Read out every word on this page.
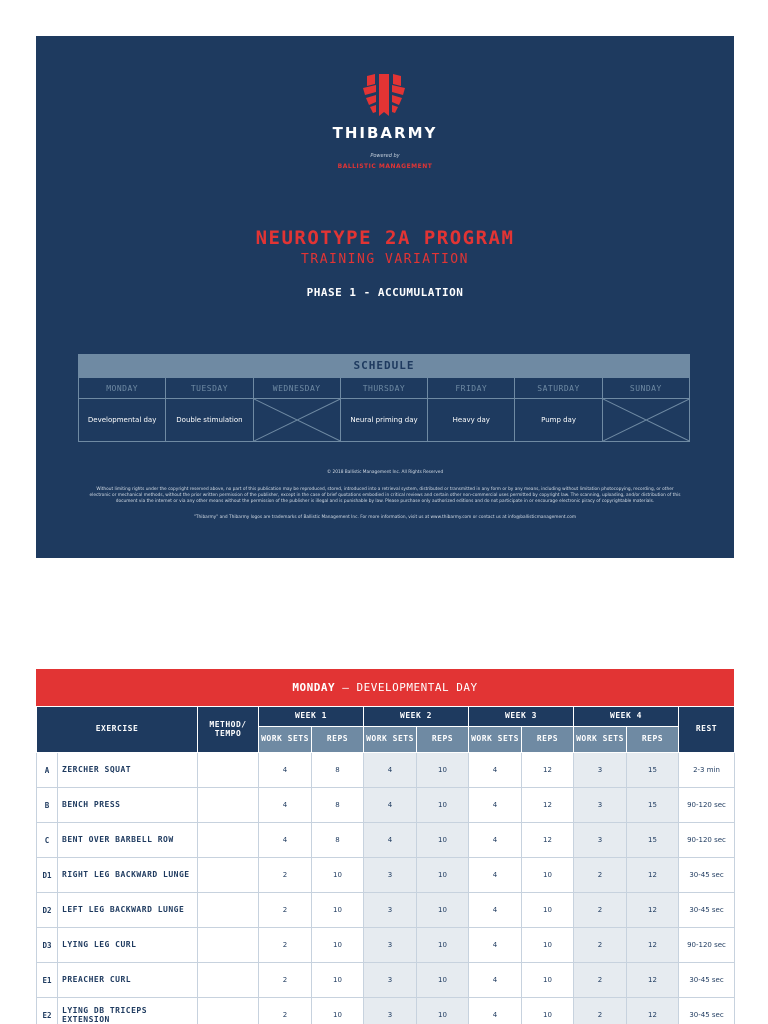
THIBARMY
Powered by
BALLISTIC MANAGEMENT
NEUROTYPE 2A PROGRAM
TRAINING VARIATION
PHASE 1 - ACCUMULATION
SCHEDULE
MONDAY	TUESDAY	WEDNESDAY	THURSDAY	FRIDAY	SATURDAY	SUNDAY
Developmental day	Double stimulation		Neural priming day	Heavy day	Pump day	
© 2018 Ballistic Management Inc. All Rights Reserved
Without limiting rights under the copyright reserved above, no part of this publication may be reproduced, stored, introduced into a retrieval system, distributed or transmitted in any form or by any means, including without limitation photocopying, recording, or other electronic or mechanical methods, without the prior written permission of the publisher, except in the case of brief quotations embodied in critical reviews and certain other non-commercial uses permitted by copyright law. The scanning, uploading, and/or distribution of this document via the internet or via any other means without the permission of the publisher is illegal and is punishable by law. Please purchase only authorized editions and do not participate in or encourage electronic piracy of copyrightable materials.
"Thibarmy" and Thibarmy logos are trademarks of Ballistic Management Inc. For more information, visit us at www.thibarmy.com or contact us at info@ballisticmanagement.com
MONDAY – DEVELOPMENTAL DAY
EXERCISE		METHOD/ TEMPO	WEEK 1		WEEK 2		WEEK 3		WEEK 4		REST
			WORK SETS	REPS	WORK SETS	REPS	WORK SETS	REPS	WORK SETS	REPS	
A	ZERCHER SQUAT		4	8	4	10	4	12	3	15	2-3 min
B	BENCH PRESS		4	8	4	10	4	12	3	15	90-120 sec
C	BENT OVER BARBELL ROW		4	8	4	10	4	12	3	15	90-120 sec
D1	RIGHT LEG BACKWARD LUNGE		2	10	3	10	4	10	2	12	30-45 sec
D2	LEFT LEG BACKWARD LUNGE		2	10	3	10	4	10	2	12	30-45 sec
D3	LYING LEG CURL		2	10	3	10	4	10	2	12	90-120 sec
E1	PREACHER CURL		2	10	3	10	4	10	2	12	30-45 sec
E2	LYING DB TRICEPS EXTENSION		2	10	3	10	4	10	2	12	30-45 sec
